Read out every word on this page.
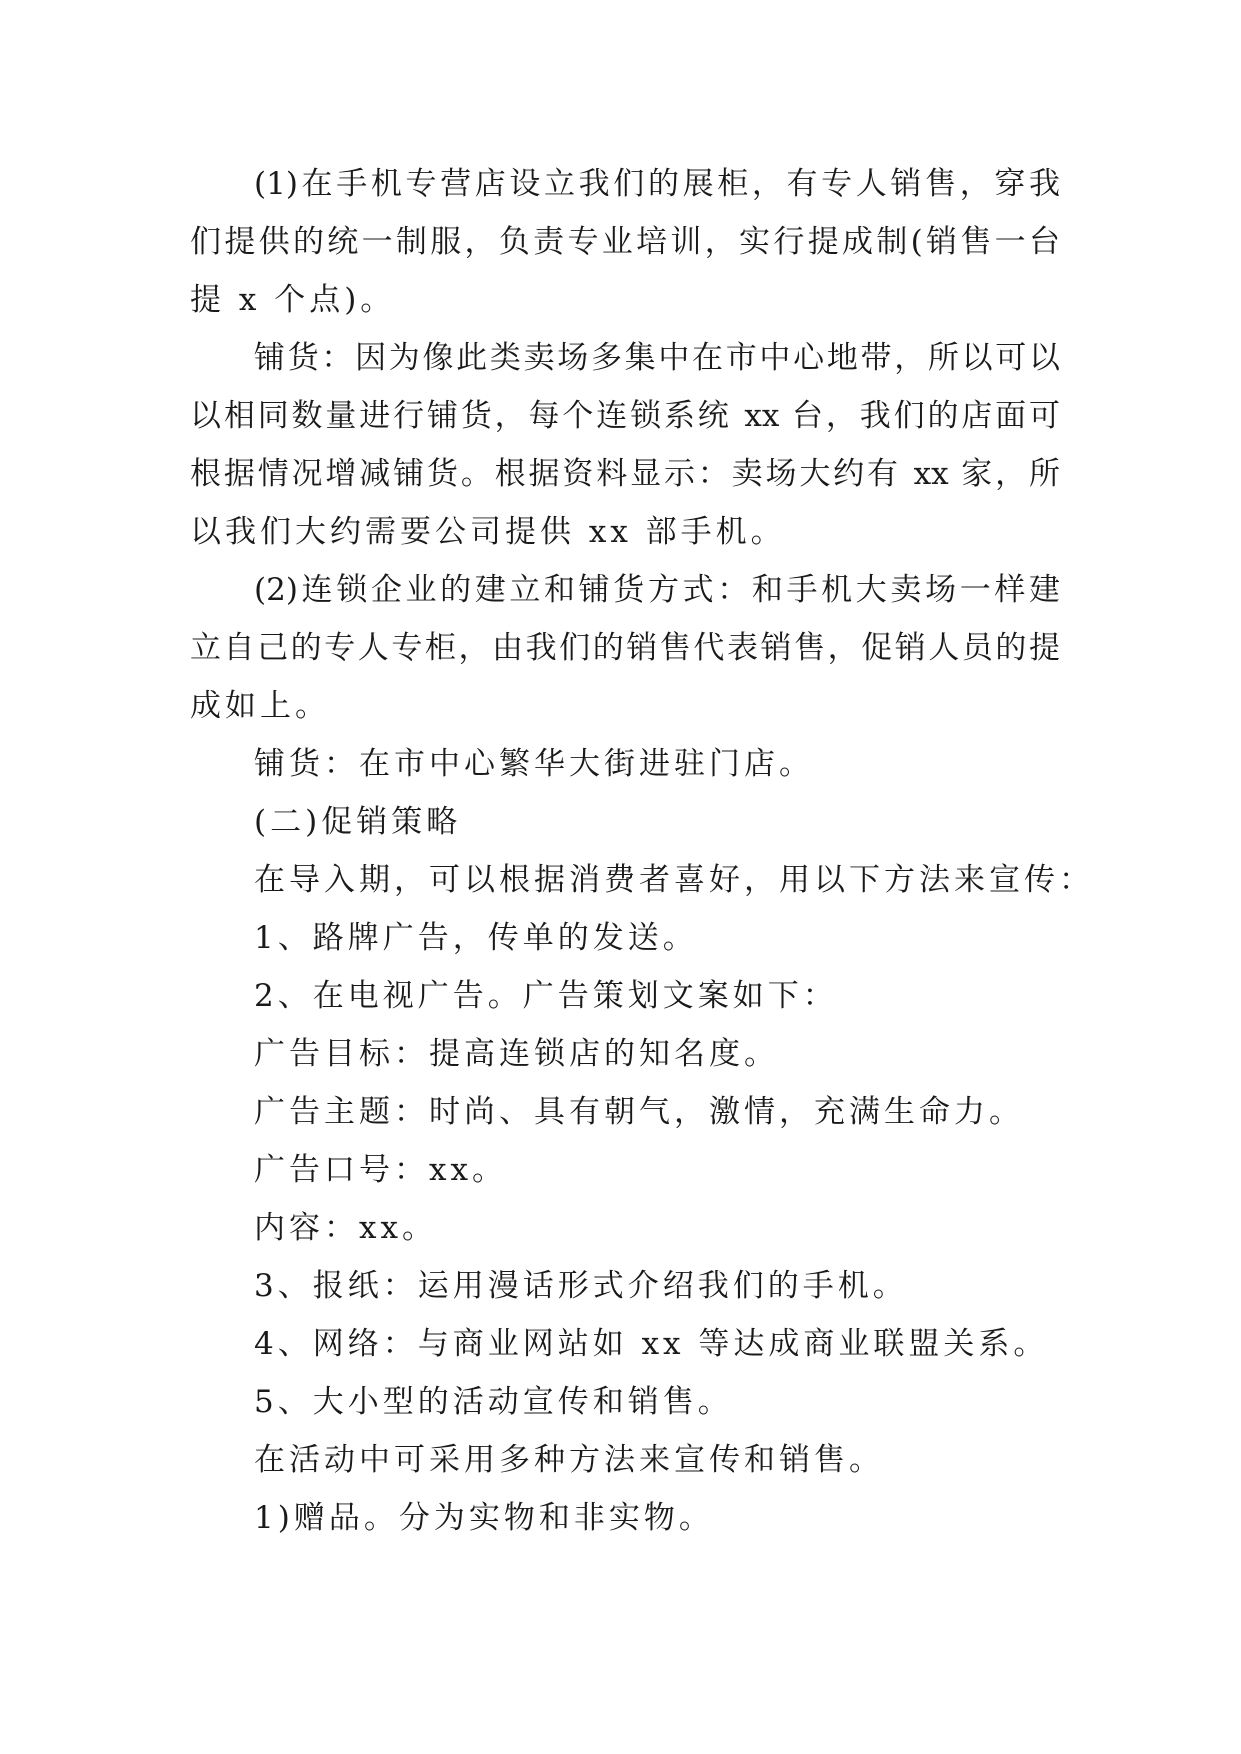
(1)在手机专营店设立我们的展柜，有专人销售，穿我
们提供的统一制服，负责专业培训，实行提成制(销售一台
提 x 个点)。
铺货：因为像此类卖场多集中在市中心地带，所以可以
以相同数量进行铺货，每个连锁系统 xx 台，我们的店面可
根据情况增减铺货。根据资料显示：卖场大约有 xx 家，所
以我们大约需要公司提供 xx 部手机。
(2)连锁企业的建立和铺货方式：和手机大卖场一样建
立自己的专人专柜，由我们的销售代表销售，促销人员的提
成如上。
铺货：在市中心繁华大街进驻门店。
(二)促销策略
在导入期，可以根据消费者喜好，用以下方法来宣传：
1、路牌广告，传单的发送。
2、在电视广告。广告策划文案如下：
广告目标：提高连锁店的知名度。
广告主题：时尚、具有朝气，激情，充满生命力。
广告口号：xx。
内容：xx。
3、报纸：运用漫话形式介绍我们的手机。
4、网络：与商业网站如 xx 等达成商业联盟关系。
5、大小型的活动宣传和销售。
在活动中可采用多种方法来宣传和销售。
1)赠品。分为实物和非实物。
